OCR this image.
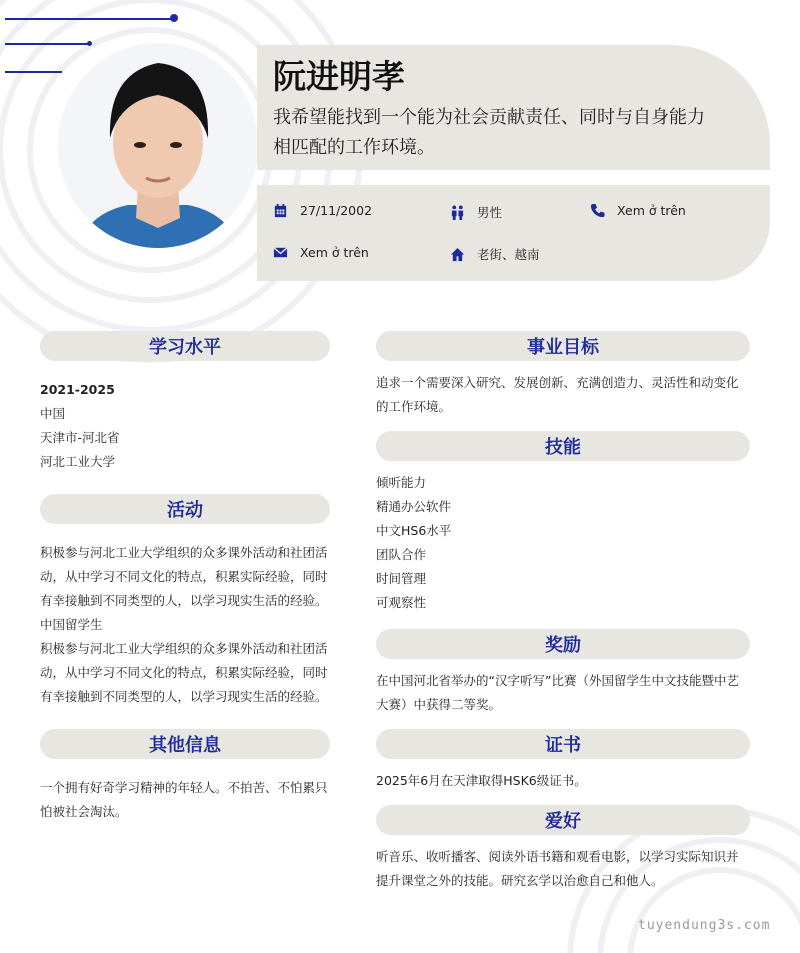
阮进明孝
我希望能找到一个能为社会贡献责任、同时与自身能力相匹配的工作环境。
27/11/2002	男性	Xem ở trên
Xem ở trên	老街、越南
学习水平
2021-2025
中国
天津市-河北省
河北工业大学
活动
积极参与河北工业大学组织的众多课外活动和社团活动，从中学习不同文化的特点，积累实际经验，同时有幸接触到不同类型的人，以学习现实生活的经验。
中国留学生
积极参与河北工业大学组织的众多课外活动和社团活动，从中学习不同文化的特点，积累实际经验，同时有幸接触到不同类型的人，以学习现实生活的经验。
其他信息
一个拥有好奇学习精神的年轻人。不拍苦、不怕累只怕被社会淘汰。
事业目标
追求一个需要深入研究、发展创新、充满创造力、灵活性和动变化的工作环境。
技能
倾听能力
精通办公软件
中文HS6水平
团队合作
时间管理
可观察性
奖励
在中国河北省举办的“汉字听写”比赛（外国留学生中文技能暨中艺大赛）中获得二等奖。
证书
2025年6月在天津取得HSK6级证书。
爱好
听音乐、收听播客、阅读外语书籍和观看电影，以学习实际知识并提升课堂之外的技能。研究玄学以治愈自己和他人。
tuyendung3s.com
